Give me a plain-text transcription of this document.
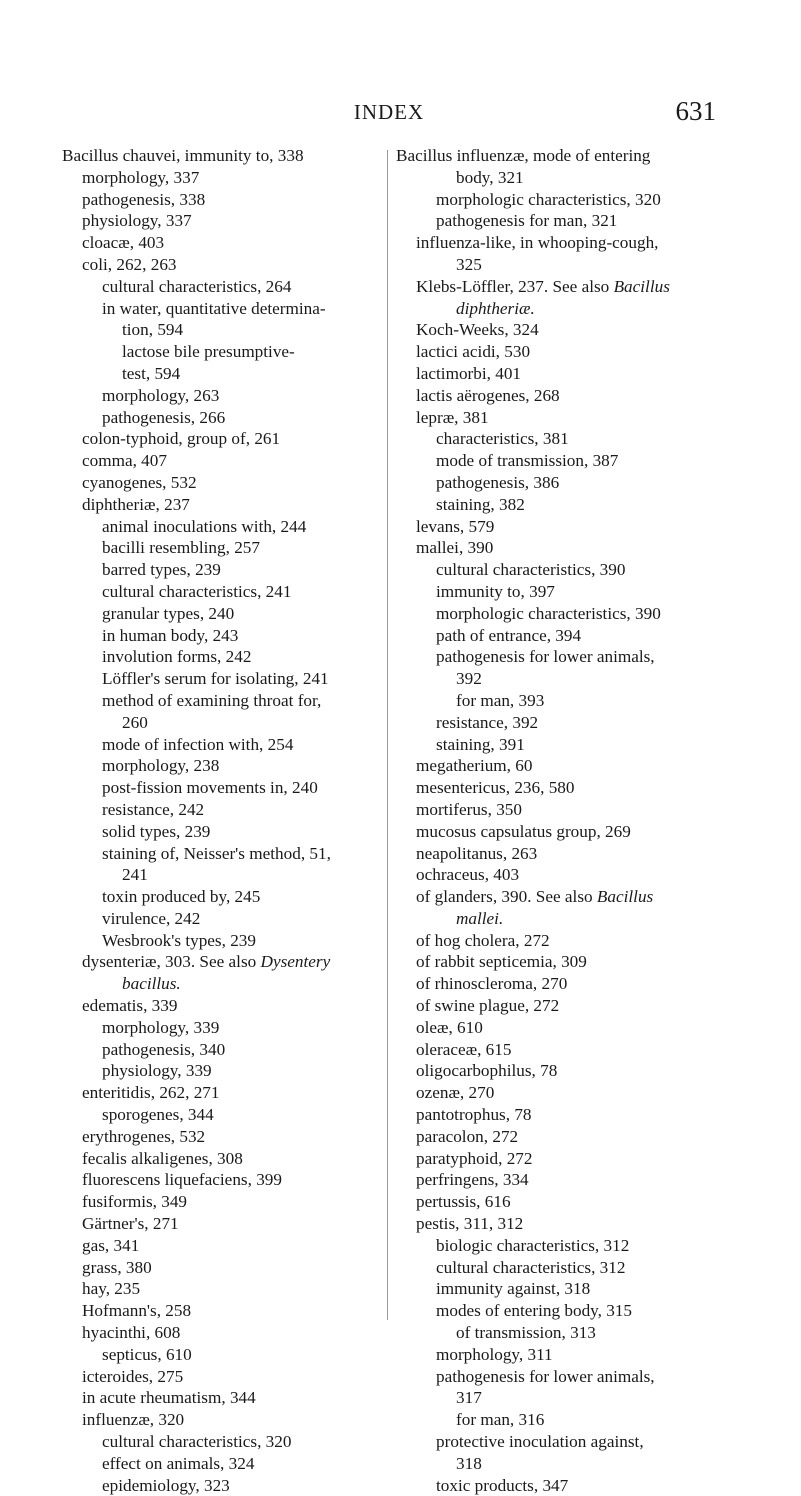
INDEX	631
Bacillus chauvei, immunity to, 338
morphology, 337
pathogenesis, 338
physiology, 337
cloacæ, 403
coli, 262, 263
cultural characteristics, 264
in water, quantitative determina-
tion, 594
lactose bile presumptive-
test, 594
morphology, 263
pathogenesis, 266
colon-typhoid, group of, 261
comma, 407
cyanogenes, 532
diphtheriæ, 237
animal inoculations with, 244
bacilli resembling, 257
barred types, 239
cultural characteristics, 241
granular types, 240
in human body, 243
involution forms, 242
Löffler's serum for isolating, 241
method of examining throat for,
260
mode of infection with, 254
morphology, 238
post-fission movements in, 240
resistance, 242
solid types, 239
staining of, Neisser's method, 51,
241
toxin produced by, 245
virulence, 242
Wesbrook's types, 239
dysenteriæ, 303. See also Dysentery
bacillus.
edematis, 339
morphology, 339
pathogenesis, 340
physiology, 339
enteritidis, 262, 271
sporogenes, 344
erythrogenes, 532
fecalis alkaligenes, 308
fluorescens liquefaciens, 399
fusiformis, 349
Gärtner's, 271
gas, 341
grass, 380
hay, 235
Hofmann's, 258
hyacinthi, 608
septicus, 610
icteroides, 275
in acute rheumatism, 344
influenzæ, 320
cultural characteristics, 320
effect on animals, 324
epidemiology, 323
Bacillus influenzæ, mode of entering
body, 321
morphologic characteristics, 320
pathogenesis for man, 321
influenza-like, in whooping-cough,
325
Klebs-Löffler, 237. See also Bacillus
diphtheriæ.
Koch-Weeks, 324
lactici acidi, 530
lactimorbi, 401
lactis aërogenes, 268
lepræ, 381
characteristics, 381
mode of transmission, 387
pathogenesis, 386
staining, 382
levans, 579
mallei, 390
cultural characteristics, 390
immunity to, 397
morphologic characteristics, 390
path of entrance, 394
pathogenesis for lower animals,
392
for man, 393
resistance, 392
staining, 391
megatherium, 60
mesentericus, 236, 580
mortiferus, 350
mucosus capsulatus group, 269
neapolitanus, 263
ochraceus, 403
of glanders, 390. See also Bacillus
mallei.
of hog cholera, 272
of rabbit septicemia, 309
of rhinoscleroma, 270
of swine plague, 272
oleæ, 610
oleraceæ, 615
oligocarbophilus, 78
ozenæ, 270
pantotrophus, 78
paracolon, 272
paratyphoid, 272
perfringens, 334
pertussis, 616
pestis, 311, 312
biologic characteristics, 312
cultural characteristics, 312
immunity against, 318
modes of entering body, 315
of transmission, 313
morphology, 311
pathogenesis for lower animals,
317
for man, 316
protective inoculation against,
318
toxic products, 347
